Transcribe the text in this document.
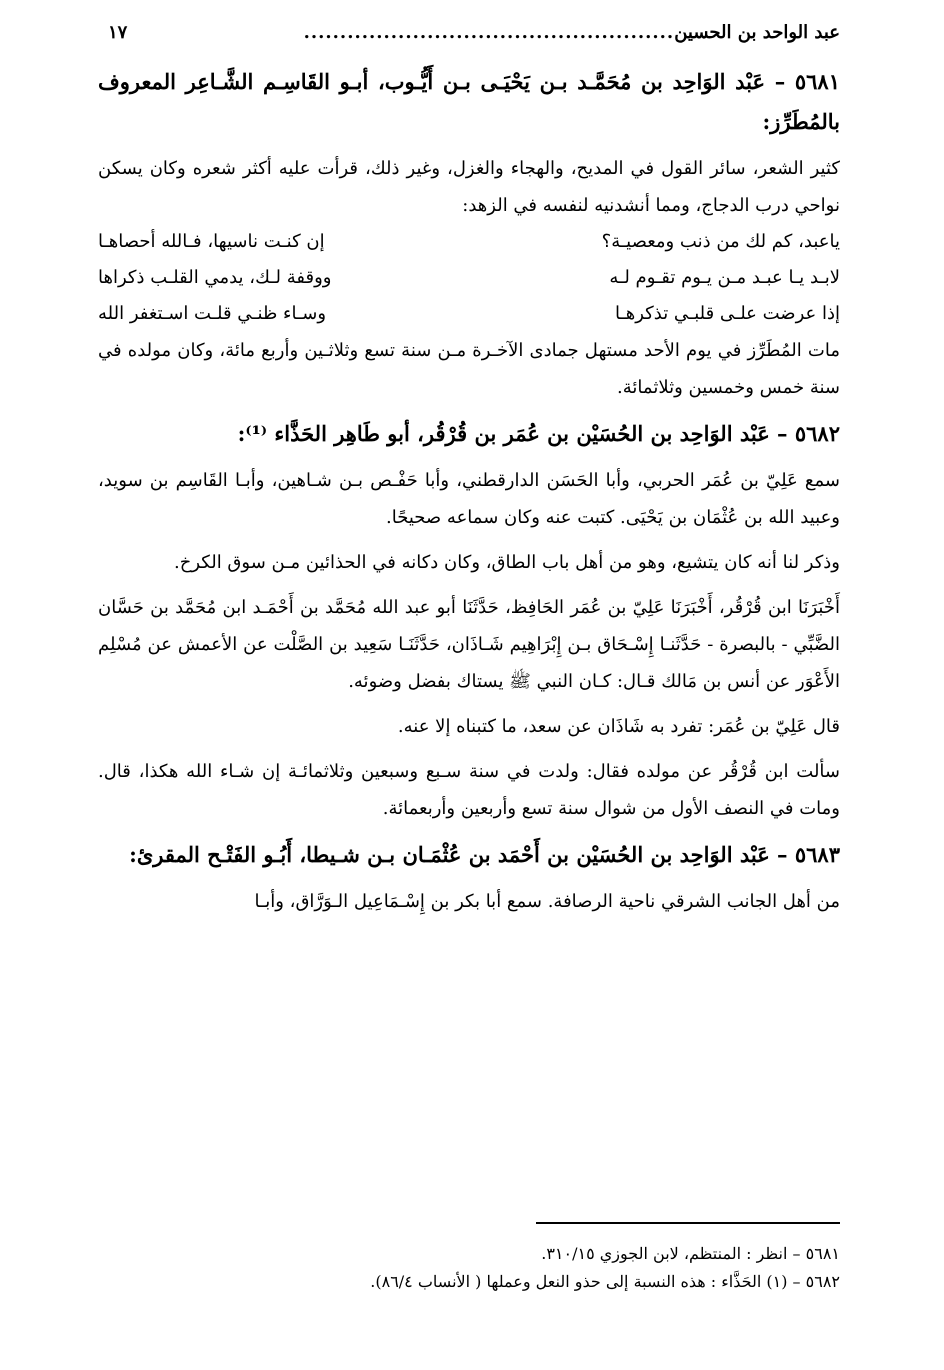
عبد الواحد بن الحسين
...................................................
١٧
٥٦٨١ – عَبْد الوَاحِد بن مُحَمَّـد بـن يَحْيَـى بـن أَيُّـوب، أبـو القَاسِـم الشَّـاعِر المعروف بالمُطَرِّز:

كثير الشعر، سائر القول في المديح، والهجاء والغزل، وغير ذلك، قرأت عليه أكثر شعره وكان يسكن نواحي درب الدجاج، ومما أنشدنيه لنفسه في الزهد:

ياعبد، كم لك من ذنب ومعصيـة؟
إن كنـت ناسيها، فـالله أحصاهـا
لابـد يـا عبـد مـن يـوم تقـوم لـه
ووقفة لـك، يدمي القلـب ذكراها
إذا عرضت علـى قلبـي تذكرهـا
وسـاء ظنـي قلـت اسـتغفر الله

مات المُطَرِّز في يوم الأحد مستهل جمادى الآخـرة مـن سنة تسع وثلاثـين وأربع مائة، وكان مولده في سنة خمس وخمسين وثلاثمائة.

٥٦٨٢ – عَبْد الوَاحِد بن الحُسَيْن بن عُمَر بن قُرْقُر، أبو طَاهِر الحَذَّاء ⁽¹⁾:

سمع عَلِيّ بن عُمَر الحربي، وأبا الحَسَن الدارقطني، وأبا حَفْـص بـن شـاهين، وأبـا القَاسِم بن سويد، وعبيد الله بن عُثْمَان بن يَحْيَى. كتبت عنه وكان سماعه صحيحًا.

وذكر لنا أنه كان يتشيع، وهو من أهل باب الطاق، وكان دكانه في الحذائين مـن سوق الكرخ.

أَخْبَرَنَا ابن قُرْقُر، أَخْبَرَنَا عَلِيّ بن عُمَر الحَافِظ، حَدَّثَنَا أبو عبد الله مُحَمَّد بن أَحْمَـد ابن مُحَمَّد بن حَسَّان الضَّبِّي - بالبصرة - حَدَّثَنـا إِسْـحَاق بـن إِبْرَاهِيم شَـاذَان، حَدَّثَنَـا سَعِيد بن الصَّلْت عن الأعمش عن مُسْلِم الأَعْوَر عن أنس بن مَالك قـال: كـان النبي ﷺ يستاك بفضل وضوئه.

قال عَلِيّ بن عُمَر: تفرد به شَاذَان عن سعد، ما كتبناه إلا عنه.

سألت ابن قُرْقُر عن مولده فقال: ولدت في سنة سـبع وسبعين وثلاثمائـة إن شـاء الله هكذا، قال. ومات في النصف الأول من شوال سنة تسع وأربعين وأربعمائة.

٥٦٨٣ – عَبْد الوَاحِد بن الحُسَيْن بن أَحْمَد بن عُثْمَـان بـن شـيطا، أَبُـو الفَتْـح المقرئ:

من أهل الجانب الشرقي ناحية الرصافة. سمع أبا بكر بن إِسْـمَاعِيل الـوَرَّاق، وأبـا

٥٦٨١ – انظر : المنتظم، لابن الجوزي ٣١٠/١٥.
٥٦٨٢ – (١) الحَذَّاء : هذه النسبة إلى حذو النعل وعملها ( الأنساب ٨٦/٤).
